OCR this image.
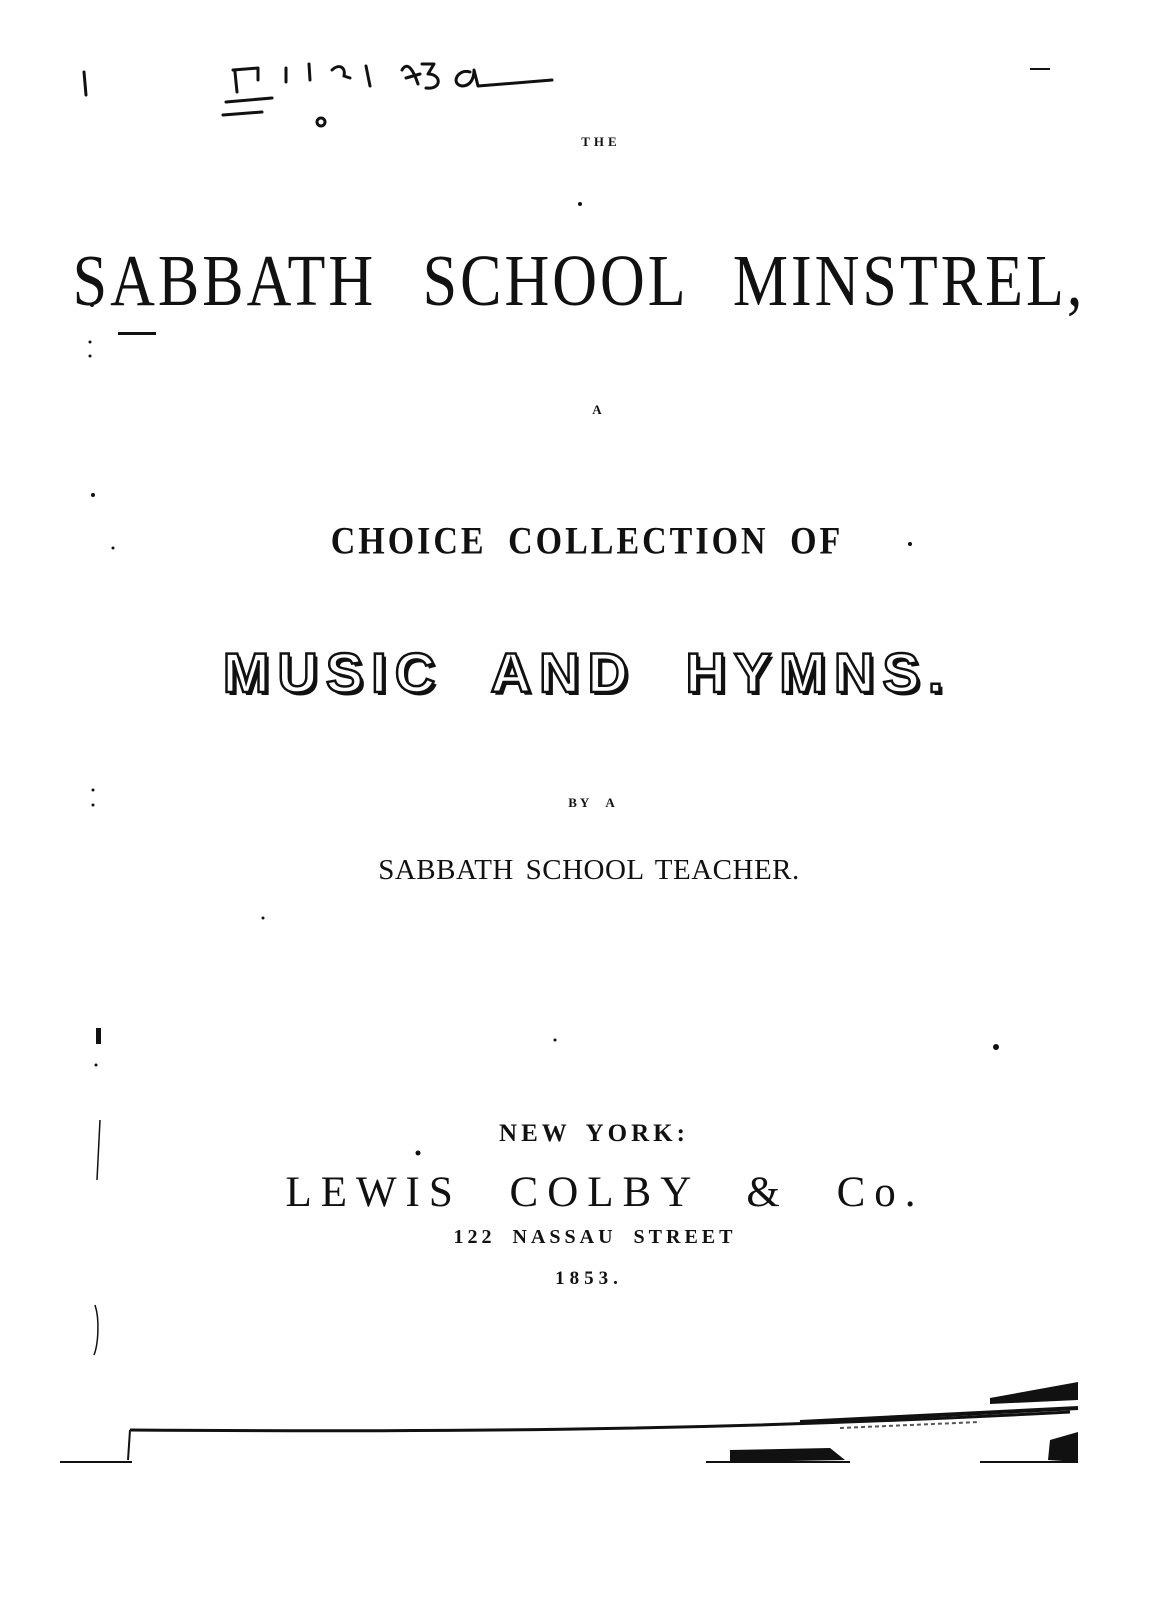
THE
SABBATH SCHOOL MINSTREL,
A
CHOICE COLLECTION OF
MUSIC AND HYMNS.
BY A
SABBATH SCHOOL TEACHER.
NEW YORK:
LEWIS COLBY & Co.
122 NASSAU STREET
1853.
